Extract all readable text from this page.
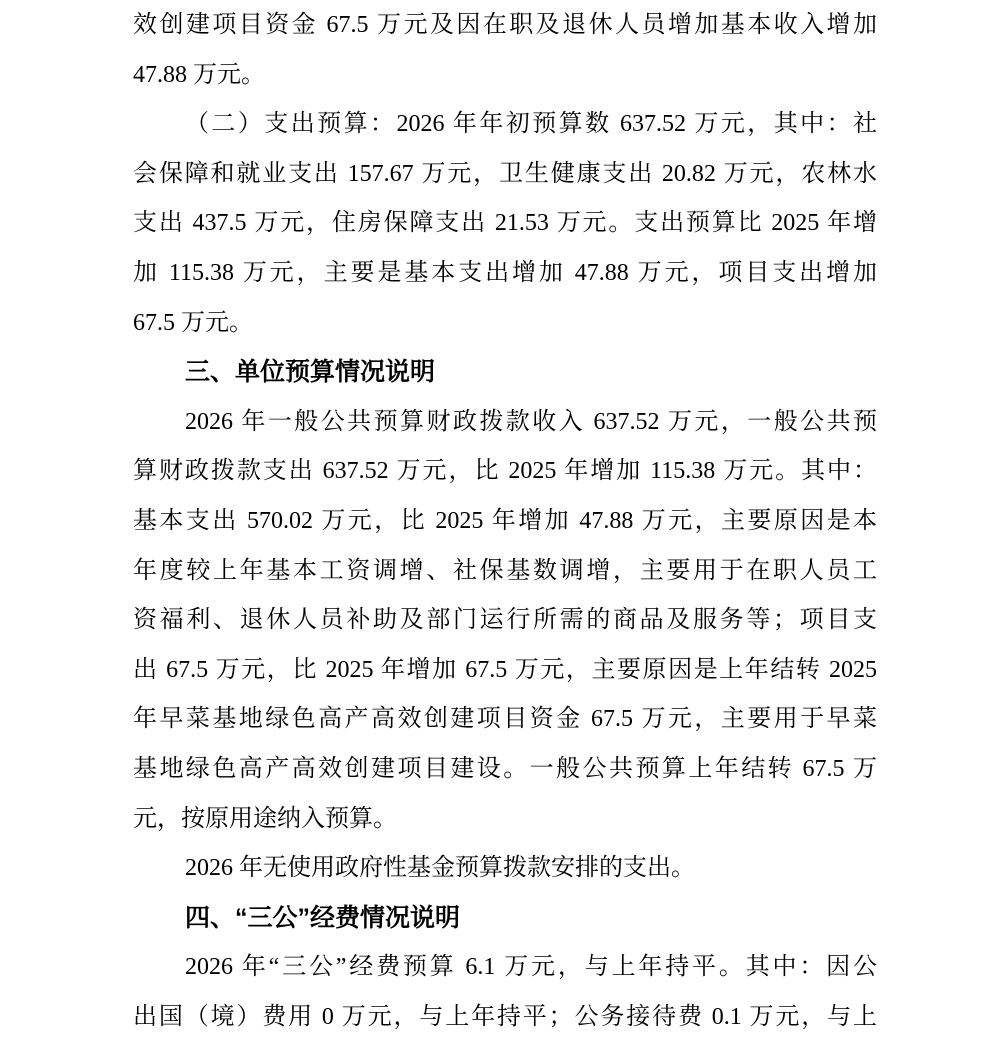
效创建项目资金 67.5 万元及因在职及退休人员增加基本收入增加
47.88 万元。
（二）支出预算：2026 年年初预算数 637.52 万元，其中：社
会保障和就业支出 157.67 万元，卫生健康支出 20.82 万元，农林水
支出 437.5 万元，住房保障支出 21.53 万元。支出预算比 2025 年增
加 115.38 万元，主要是基本支出增加 47.88 万元，项目支出增加
67.5 万元。
三、单位预算情况说明
2026 年一般公共预算财政拨款收入 637.52 万元，一般公共预
算财政拨款支出 637.52 万元，比 2025 年增加 115.38 万元。其中：
基本支出 570.02 万元，比 2025 年增加 47.88 万元，主要原因是本
年度较上年基本工资调增、社保基数调增，主要用于在职人员工
资福利、退休人员补助及部门运行所需的商品及服务等；项目支
出 67.5 万元，比 2025 年增加 67.5 万元，主要原因是上年结转 2025
年早菜基地绿色高产高效创建项目资金 67.5 万元，主要用于早菜
基地绿色高产高效创建项目建设。一般公共预算上年结转 67.5 万
元，按原用途纳入预算。
2026 年无使用政府性基金预算拨款安排的支出。
四、“三公”经费情况说明
2026 年“三公”经费预算 6.1 万元，与上年持平。其中：因公
出国（境）费用 0 万元，与上年持平；公务接待费 0.1 万元，与上
